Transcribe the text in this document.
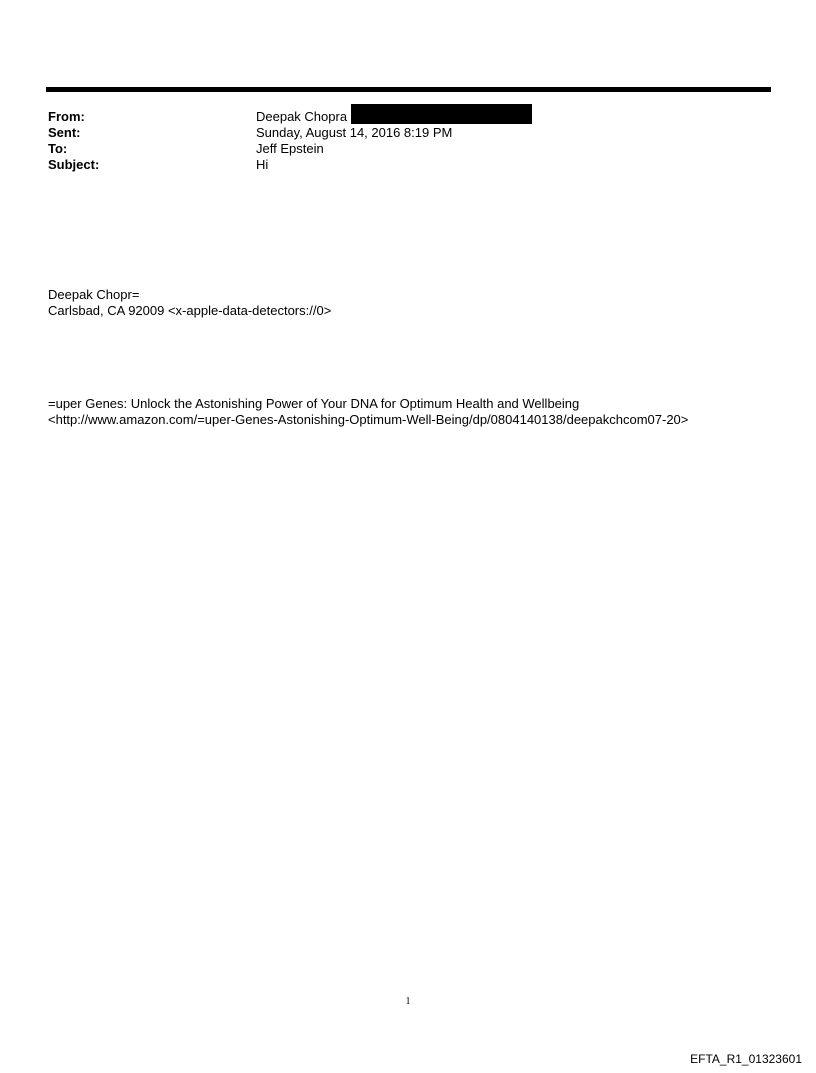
From:	Deepak Chopra
Sent:	Sunday, August 14, 2016 8:19 PM
To:	Jeff Epstein
Subject:	Hi
Deepak Chopr=
Carlsbad, CA 92009 <x-apple-data-detectors://0>
=uper Genes: Unlock the Astonishing Power of Your DNA for Optimum Health and Wellbeing
<http://www.amazon.com/=uper-Genes-Astonishing-Optimum-Well-Being/dp/0804140138/deepakchcom07-20>
1
EFTA_R1_01323601
